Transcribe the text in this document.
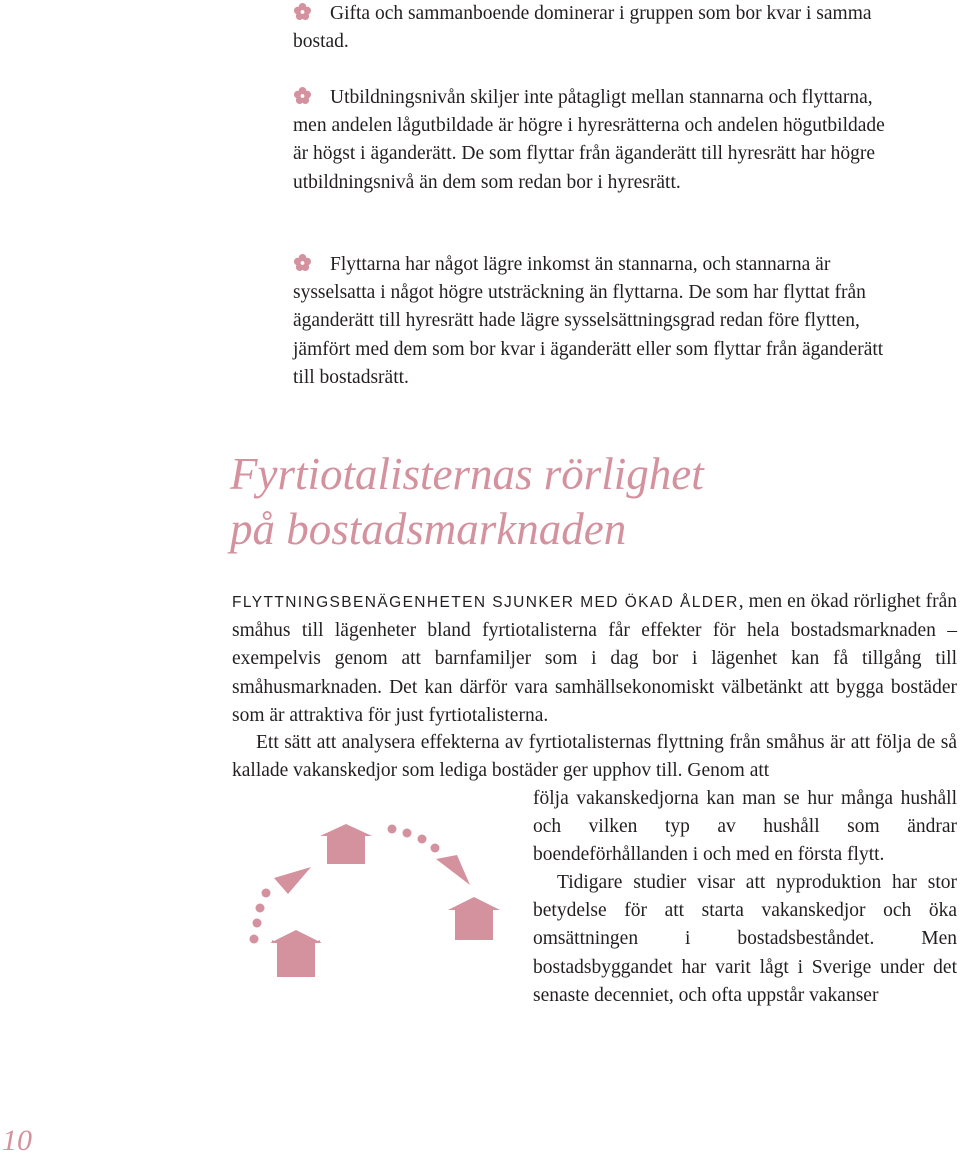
Gifta och sammanboende dominerar i gruppen som bor kvar i samma bostad.
Utbildningsnivån skiljer inte påtagligt mellan stannarna och flyttarna, men andelen lågutbildade är högre i hyresrätterna och andelen högutbildade är högst i äganderätt. De som flyttar från äganderätt till hyresrätt har högre utbildningsnivå än dem som redan bor i hyresrätt.
Flyttarna har något lägre inkomst än stannarna, och stannarna är sysselsatta i något högre utsträckning än flyttarna. De som har flyttat från äganderätt till hyresrätt hade lägre sysselsättningsgrad redan före flytten, jämfört med dem som bor kvar i äganderätt eller som flyttar från äganderätt till bostadsrätt.
Fyrtiotalisternas rörlighet
på bostadsmarknaden

FLYTTNINGSBENÄGENHETEN SJUNKER MED ÖKAD ÅLDER, men en ökad rörlighet från småhus till lägenheter bland fyrtiotalisterna får effekter för hela bostadsmarknaden – exempelvis genom att barnfamiljer som i dag bor i lägenhet kan få tillgång till småhusmarknaden. Det kan därför vara samhällsekonomiskt välbetänkt att bygga bostäder som är attraktiva för just fyrtiotalisterna.

Ett sätt att analysera effekterna av fyrtiotalisternas flyttning från småhus är att följa de så kallade vakanskedjor som lediga bostäder ger upphov till. Genom att

följa vakanskedjorna kan man se hur många hushåll och vilken typ av hushåll som ändrar boendeförhållanden i och med en första flytt.

Tidigare studier visar att nyproduktion har stor betydelse för att starta vakanskedjor och öka omsättningen i bostadsbeståndet. Men bostadsbyggandet har varit lågt i Sverige under det senaste decenniet, och ofta uppstår vakanser

10
